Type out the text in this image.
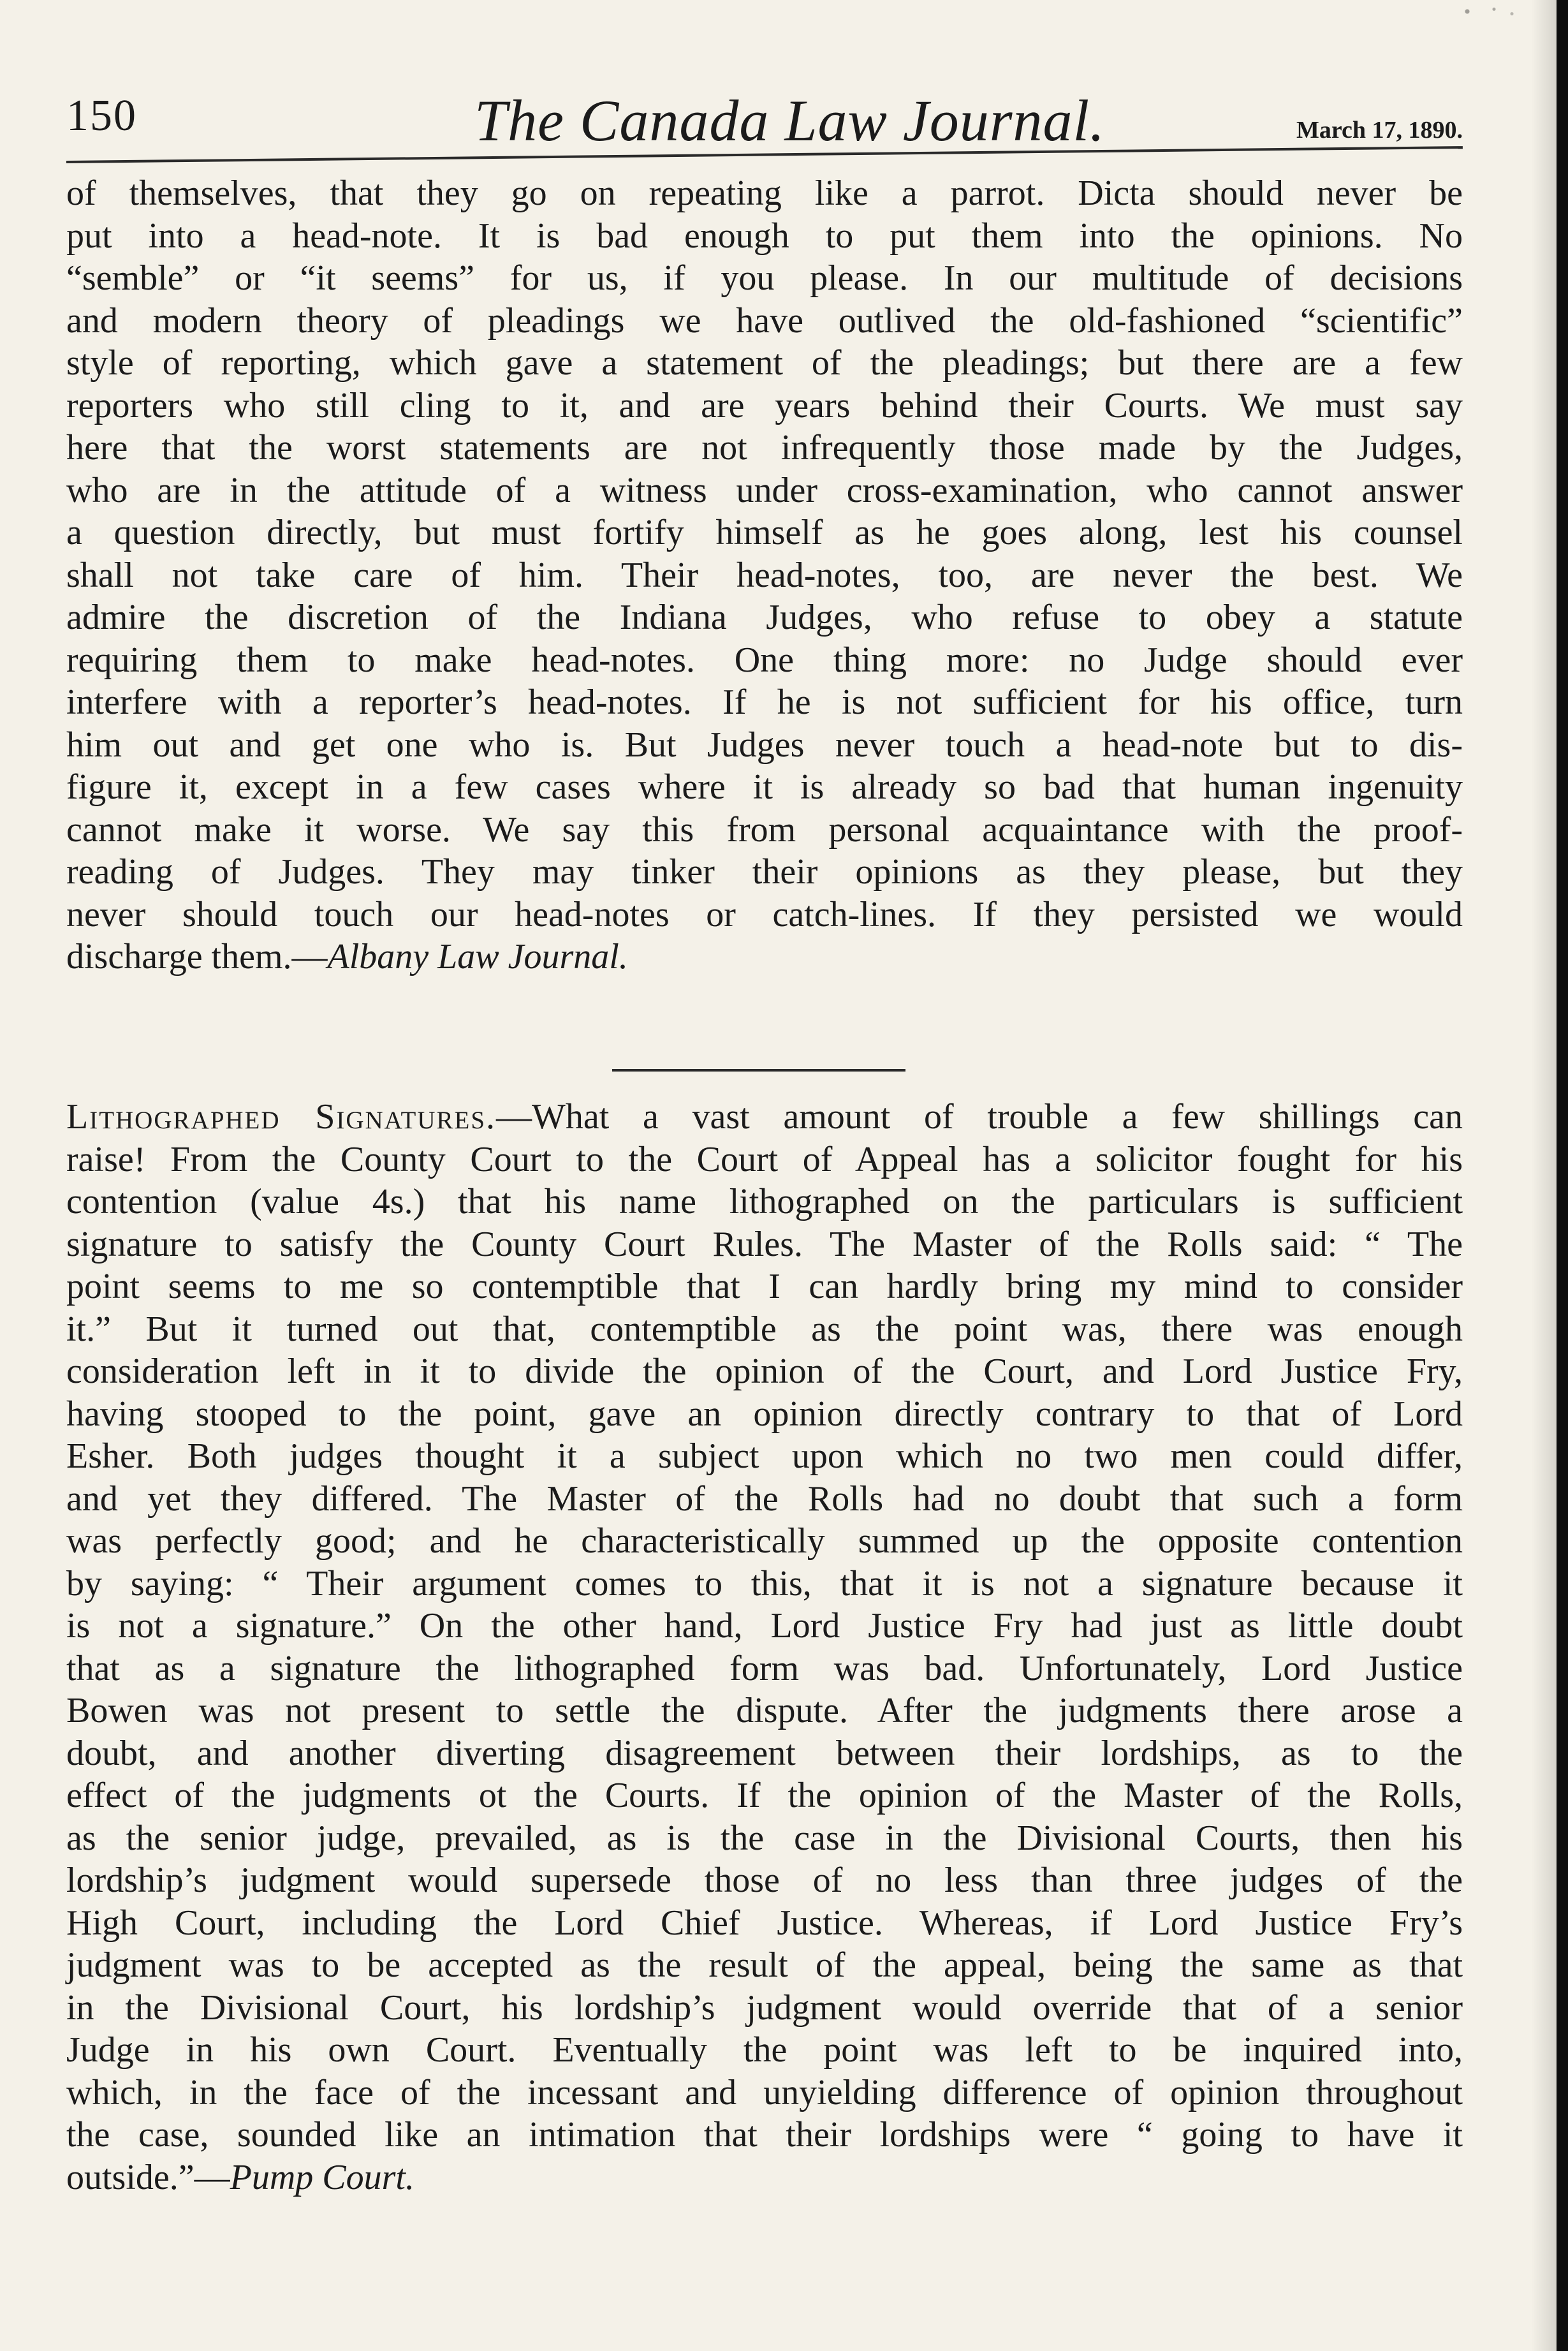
150	The Canada Law Journal.	March 17, 1890.
of themselves, that they go on repeating like a parrot. Dicta should never be
put into a head-note. It is bad enough to put them into the opinions. No
“semble” or “it seems” for us, if you please. In our multitude of decisions
and modern theory of pleadings we have outlived the old-fashioned “scientific”
style of reporting, which gave a statement of the pleadings; but there are a few
reporters who still cling to it, and are years behind their Courts. We must say
here that the worst statements are not infrequently those made by the Judges,
who are in the attitude of a witness under cross-examination, who cannot answer
a question directly, but must fortify himself as he goes along, lest his counsel
shall not take care of him. Their head-notes, too, are never the best. We
admire the discretion of the Indiana Judges, who refuse to obey a statute
requiring them to make head-notes. One thing more: no Judge should ever
interfere with a reporter’s head-notes. If he is not sufficient for his office, turn
him out and get one who is. But Judges never touch a head-note but to dis-
figure it, except in a few cases where it is already so bad that human ingenuity
cannot make it worse. We say this from personal acquaintance with the proof-
reading of Judges. They may tinker their opinions as they please, but they
never should touch our head-notes or catch-lines. If they persisted we would
discharge them.—Albany Law Journal.
Lithographed Signatures.—What a vast amount of trouble a few shillings can
raise! From the County Court to the Court of Appeal has a solicitor fought for his
contention (value 4s.) that his name lithographed on the particulars is sufficient
signature to satisfy the County Court Rules. The Master of the Rolls said: “ The
point seems to me so contemptible that I can hardly bring my mind to consider
it.” But it turned out that, contemptible as the point was, there was enough
consideration left in it to divide the opinion of the Court, and Lord Justice Fry,
having stooped to the point, gave an opinion directly contrary to that of Lord
Esher. Both judges thought it a subject upon which no two men could differ,
and yet they differed. The Master of the Rolls had no doubt that such a form
was perfectly good; and he characteristically summed up the opposite contention
by saying: “ Their argument comes to this, that it is not a signature because it
is not a signature.” On the other hand, Lord Justice Fry had just as little doubt
that as a signature the lithographed form was bad. Unfortunately, Lord Justice
Bowen was not present to settle the dispute. After the judgments there arose a
doubt, and another diverting disagreement between their lordships, as to the
effect of the judgments ot the Courts. If the opinion of the Master of the Rolls,
as the senior judge, prevailed, as is the case in the Divisional Courts, then his
lordship’s judgment would supersede those of no less than three judges of the
High Court, including the Lord Chief Justice. Whereas, if Lord Justice Fry’s
judgment was to be accepted as the result of the appeal, being the same as that
in the Divisional Court, his lordship’s judgment would override that of a senior
Judge in his own Court. Eventually the point was left to be inquired into,
which, in the face of the incessant and unyielding difference of opinion throughout
the case, sounded like an intimation that their lordships were “ going to have it
outside.”—Pump Court.
